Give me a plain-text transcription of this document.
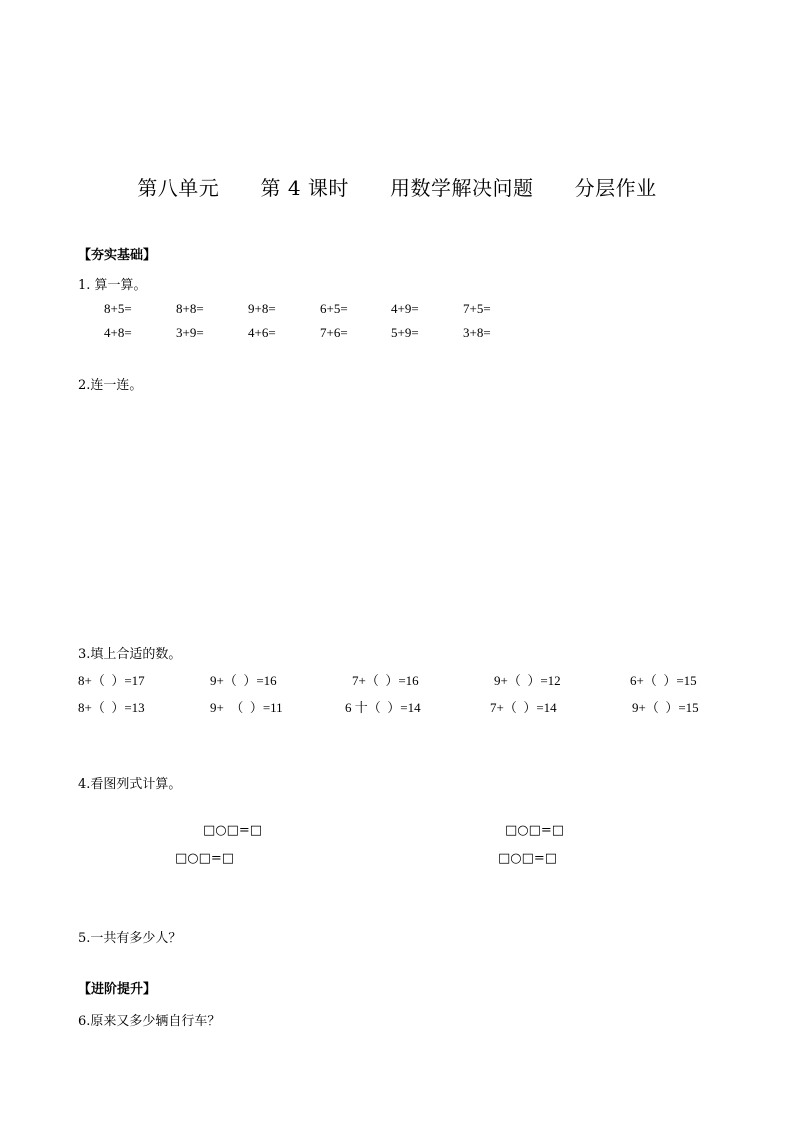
第八单元      第 4 课时      用数学解决问题      分层作业
【夯实基础】
1. 算一算。
8+5=	8+8=	9+8=	6+5=	4+9=	7+5=
4+8=	3+9=	4+6=	7+6=	5+9=	3+8=
2.连一连。
3.填上合适的数。
8+（  ）=17	9+（  ）=16	7+（  ）=16	9+（  ）=12	6+（  ）=15
8+（  ）=13	9+  （  ）=11	6 十（  ）=14	7+（  ）=14	9+（  ）=15
4.看图列式计算。
□○□=□	□○□=□
□○□=□	□○□=□
5.一共有多少人？
【进阶提升】
6.原来又多少辆自行车？
